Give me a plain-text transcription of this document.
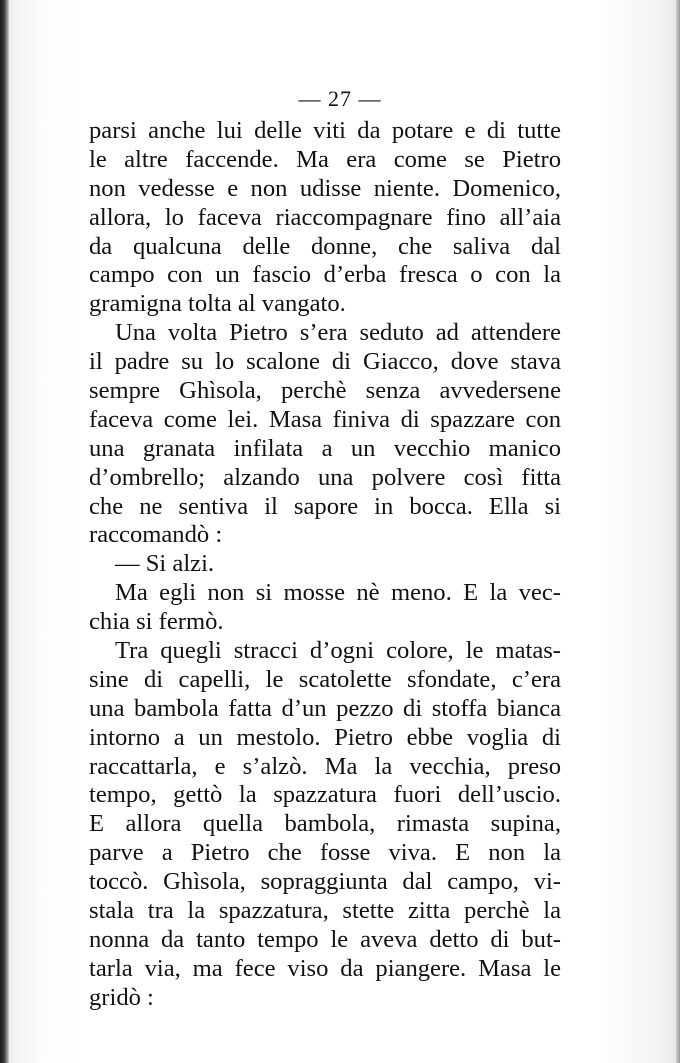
— 27 —
parsi anche lui delle viti da potare e di tutte
le altre faccende. Ma era come se Pietro
non vedesse e non udisse niente. Domenico,
allora, lo faceva riaccompagnare fino all’aia
da qualcuna delle donne, che saliva dal
campo con un fascio d’erba fresca o con la
gramigna tolta al vangato.
Una volta Pietro s’era seduto ad attendere
il padre su lo scalone di Giacco, dove stava
sempre Ghìsola, perchè senza avvedersene
faceva come lei. Masa finiva di spazzare con
una granata infilata a un vecchio manico
d’ombrello; alzando una polvere così fitta
che ne sentiva il sapore in bocca. Ella si
raccomandò :
— Si alzi.
Ma egli non si mosse nè meno. E la vec-
chia si fermò.
Tra quegli stracci d’ogni colore, le matas-
sine di capelli, le scatolette sfondate, c’era
una bambola fatta d’un pezzo di stoffa bianca
intorno a un mestolo. Pietro ebbe voglia di
raccattarla, e s’alzò. Ma la vecchia, preso
tempo, gettò la spazzatura fuori dell’uscio.
E allora quella bambola, rimasta supina,
parve a Pietro che fosse viva. E non la
toccò. Ghìsola, sopraggiunta dal campo, vi-
stala tra la spazzatura, stette zitta perchè la
nonna da tanto tempo le aveva detto di but-
tarla via, ma fece viso da piangere. Masa le
gridò :
